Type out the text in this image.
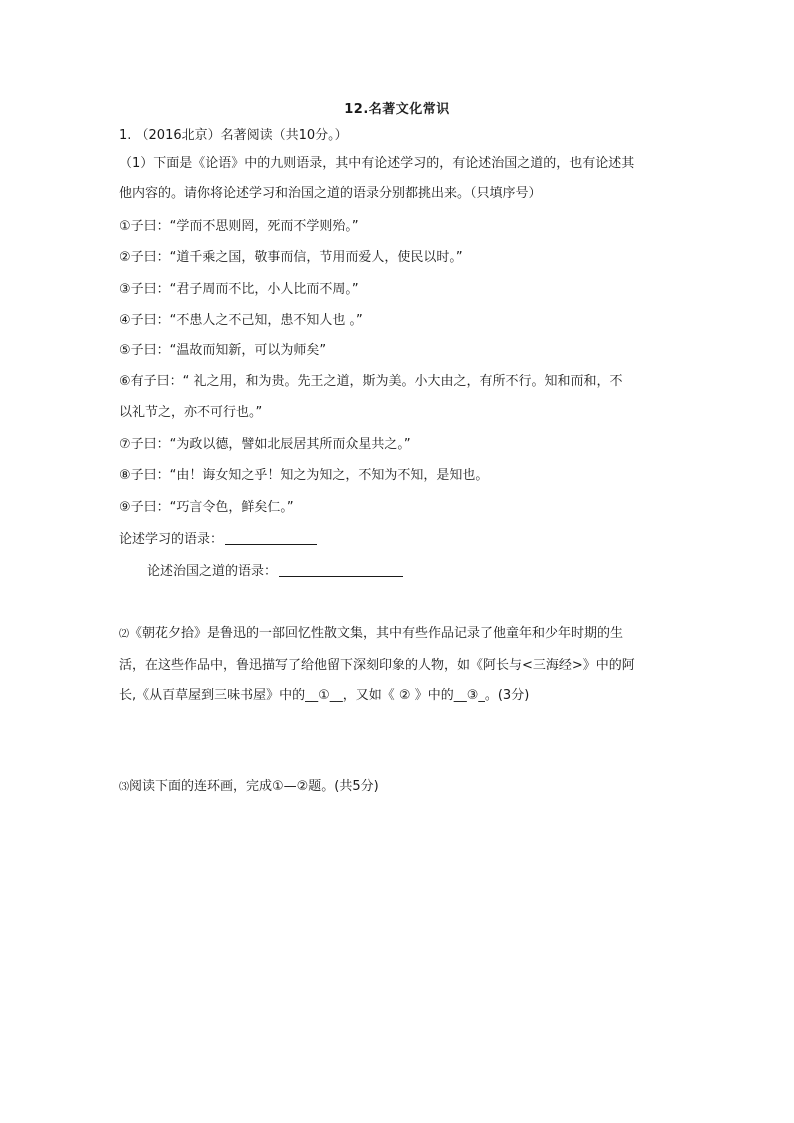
12.名著文化常识
1. （2016北京）名著阅读（共10分。）
（1）下面是《论语》中的九则语录，其中有论述学习的，有论述治国之道的，也有论述其
他内容的。请你将论述学习和治国之道的语录分别都挑出来。（只填序号）
①子曰：“学而不思则罔，死而不学则殆。”
②子曰：“道千乘之国，敬事而信，节用而爱人，使民以时。”
③子曰：“君子周而不比，小人比而不周。”
④子曰：“不患人之不己知，患不知人也 。”
⑤子曰：“温故而知新，可以为师矣”
⑥有子曰：“ 礼之用，和为贵。先王之道，斯为美。小大由之，有所不行。知和而和，不
以礼节之，亦不可行也。”
⑦子曰：“为政以德，譬如北辰居其所而众星共之。”
⑧子曰：“由！诲女知之乎！知之为知之，不知为不知，是知也。
⑨子曰：“巧言令色，鲜矣仁。”
论述学习的语录：
论述治国之道的语录：
⑵《朝花夕拾》是鲁迅的一部回忆性散文集，其中有些作品记录了他童年和少年时期的生
活，在这些作品中，鲁迅描写了给他留下深刻印象的人物，如《阿长与<三海经>》中的阿
长,《从百草屋到三味书屋》中的__①__，又如《 ② 》中的__③_。(3分)
⑶阅读下面的连环画，完成①—②题。(共5分)
